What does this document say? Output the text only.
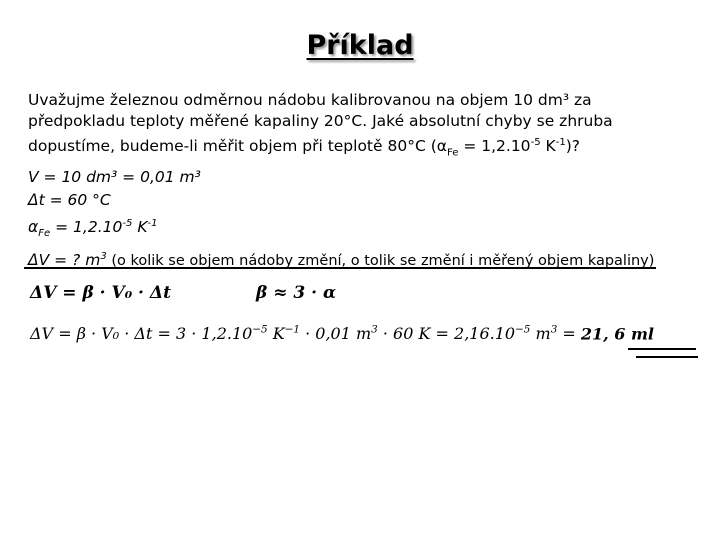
Příklad
Uvažujme železnou odměrnou nádobu kalibrovanou na objem 10 dm³ za
předpokladu teploty měřené kapaliny 20°C. Jaké absolutní chyby se zhruba
dopustíme, budeme-li měřit objem při teplotě 80°C ($\alpha_{Fe} = 1,2.10^{-5}$ $K^{-1}$)?
V = 10 dm³ = 0,01 m³
Δt = 60 °C
$\alpha_{Fe} = 1,2.10^{-5}$ $K^{-1}$
ΔV = ? $m^3$ (o kolik se objem nádoby změní, o tolik se změní i měřený objem kapaliny)
ΔV = β · V₀ · Δt	β ≈ 3 · α
$\Delta V = \beta \cdot V_0 \cdot \Delta t = 3 \cdot 1,2.10^{-5}$ $K^{-1} \cdot 0,01$ $m^3 \cdot 60$ $K = 2,16.10^{-5}$ $m^3 = 21$, 6 ml
